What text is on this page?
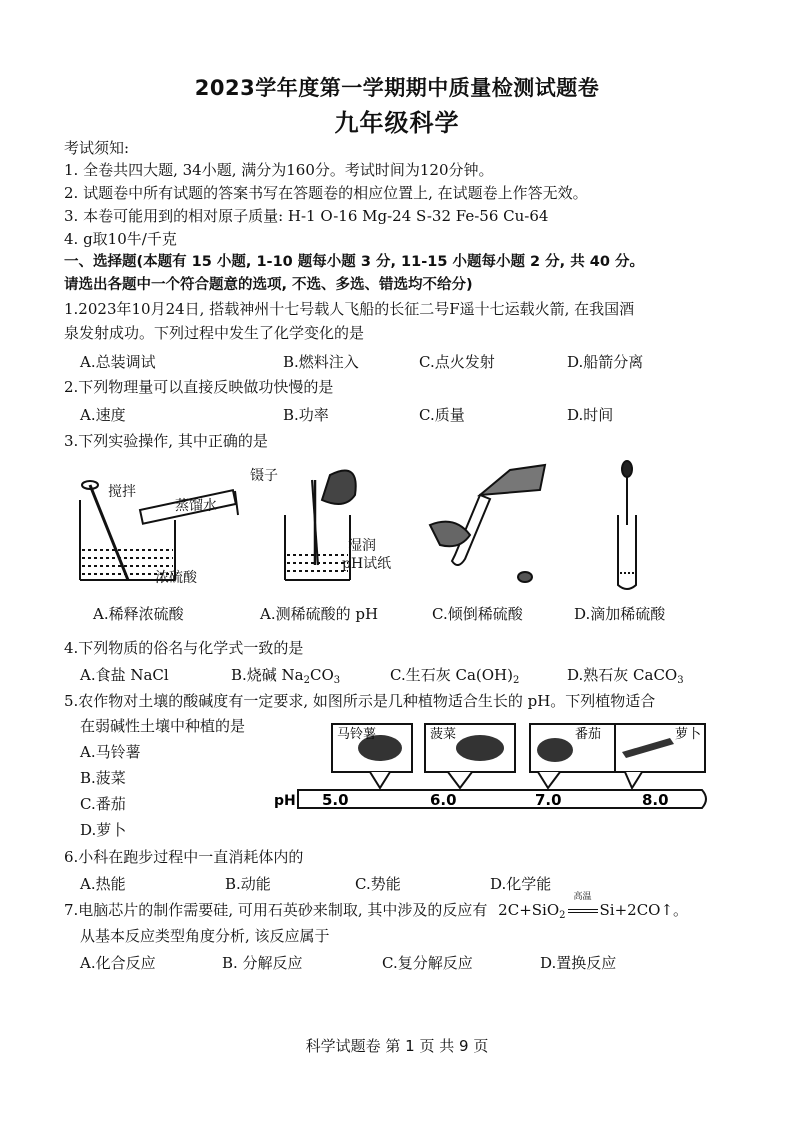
2023学年度第一学期期中质量检测试题卷
九年级科学
考试须知:
1. 全卷共四大题, 34小题, 满分为160分。考试时间为120分钟。
2. 试题卷中所有试题的答案书写在答题卷的相应位置上, 在试题卷上作答无效。
3. 本卷可能用到的相对原子质量: H-1 O-16 Mg-24 S-32 Fe-56 Cu-64
4. g取10牛/千克
一、选择题(本题有 15 小题, 1-10 题每小题 3 分, 11-15 小题每小题 2 分, 共 40 分。
请选出各题中一个符合题意的选项, 不选、多选、错选均不给分)
1.2023年10月24日, 搭载神州十七号载人飞船的长征二号F遥十七运载火箭, 在我国酒
泉发射成功。下列过程中发生了化学变化的是
A.总装调试	B.燃料注入	C.点火发射	D.船箭分离
2.下列物理量可以直接反映做功快慢的是
A.速度	B.功率	C.质量	D.时间
3.下列实验操作, 其中正确的是
搅拌
蒸馏水
浓硫酸
镊子
湿润
pH试纸
A.稀释浓硫酸	A.测稀硫酸的 pH	C.倾倒稀硫酸	D.滴加稀硫酸
4.下列物质的俗名与化学式一致的是
A.食盐 NaCl	B.烧碱 $Na_2CO_3$	C.生石灰 $Ca(OH)_2$	D.熟石灰 CaCO$_3$
5.农作物对土壤的酸碱度有一定要求, 如图所示是几种植物适合生长的 pH。下列植物适合
在弱碱性土壤中种植的是
A.马铃薯
B.菠菜
C.番茄
D.萝卜
pH 5.0	6.0	7.0	8.0
马铃薯	菠菜	番茄	萝卜
6.小科在跑步过程中一直消耗体内的
A.热能	B.动能	C.势能	D.化学能
7.电脑芯片的制作需要硅, 可用石英砂来制取, 其中涉及的反应有 2C+SiO$_2$
高温
Si+2CO↑。
从基本反应类型角度分析, 该反应属于
A.化合反应	B. 分解反应	C.复分解反应	D.置换反应
科学试题卷 第 1 页 共 9 页
